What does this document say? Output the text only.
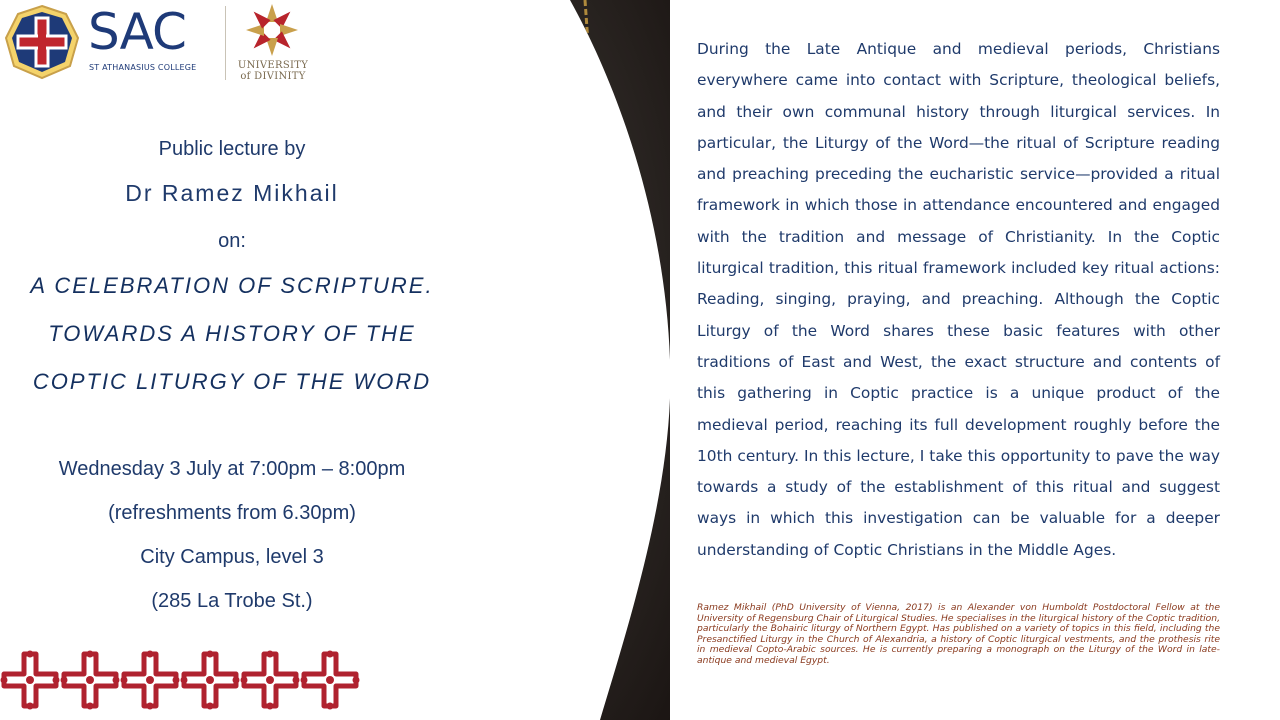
SAC
ST ATHANASIUS COLLEGE	UNIVERSITY
of DIVINITY
Public lecture by
Dr Ramez Mikhail
on:
A CELEBRATION OF SCRIPTURE.
TOWARDS A HISTORY OF THE
COPTIC LITURGY OF THE WORD
Wednesday 3 July at 7:00pm – 8:00pm
(refreshments from 6.30pm)
City Campus, level 3
(285 La Trobe St.)
During the Late Antique and medieval periods, Christians everywhere came into contact with Scripture, theological beliefs, and their own communal history through liturgical services. In particular, the Liturgy of the Word—the ritual of Scripture reading and preaching preceding the eucharistic service—provided a ritual framework in which those in attendance encountered and engaged with the tradition and message of Christianity. In the Coptic liturgical tradition, this ritual framework included key ritual actions: Reading, singing, praying, and preaching. Although the Coptic Liturgy of the Word shares these basic features with other traditions of East and West, the exact structure and contents of this gathering in Coptic practice is a unique product of the medieval period, reaching its full development roughly before the 10th century. In this lecture, I take this opportunity to pave the way towards a study of the establishment of this ritual and suggest ways in which this investigation can be valuable for a deeper understanding of Coptic Christians in the Middle Ages.
Ramez Mikhail (PhD University of Vienna, 2017) is an Alexander von Humboldt Postdoctoral Fellow at the University of Regensburg Chair of Liturgical Studies. He specialises in the liturgical history of the Coptic tradition, particularly the Bohairic liturgy of Northern Egypt. Has published on a variety of topics in this field, including the Presanctified Liturgy in the Church of Alexandria, a history of Coptic liturgical vestments, and the prothesis rite in medieval Copto-Arabic sources. He is currently preparing a monograph on the Liturgy of the Word in late-antique and medieval Egypt.
